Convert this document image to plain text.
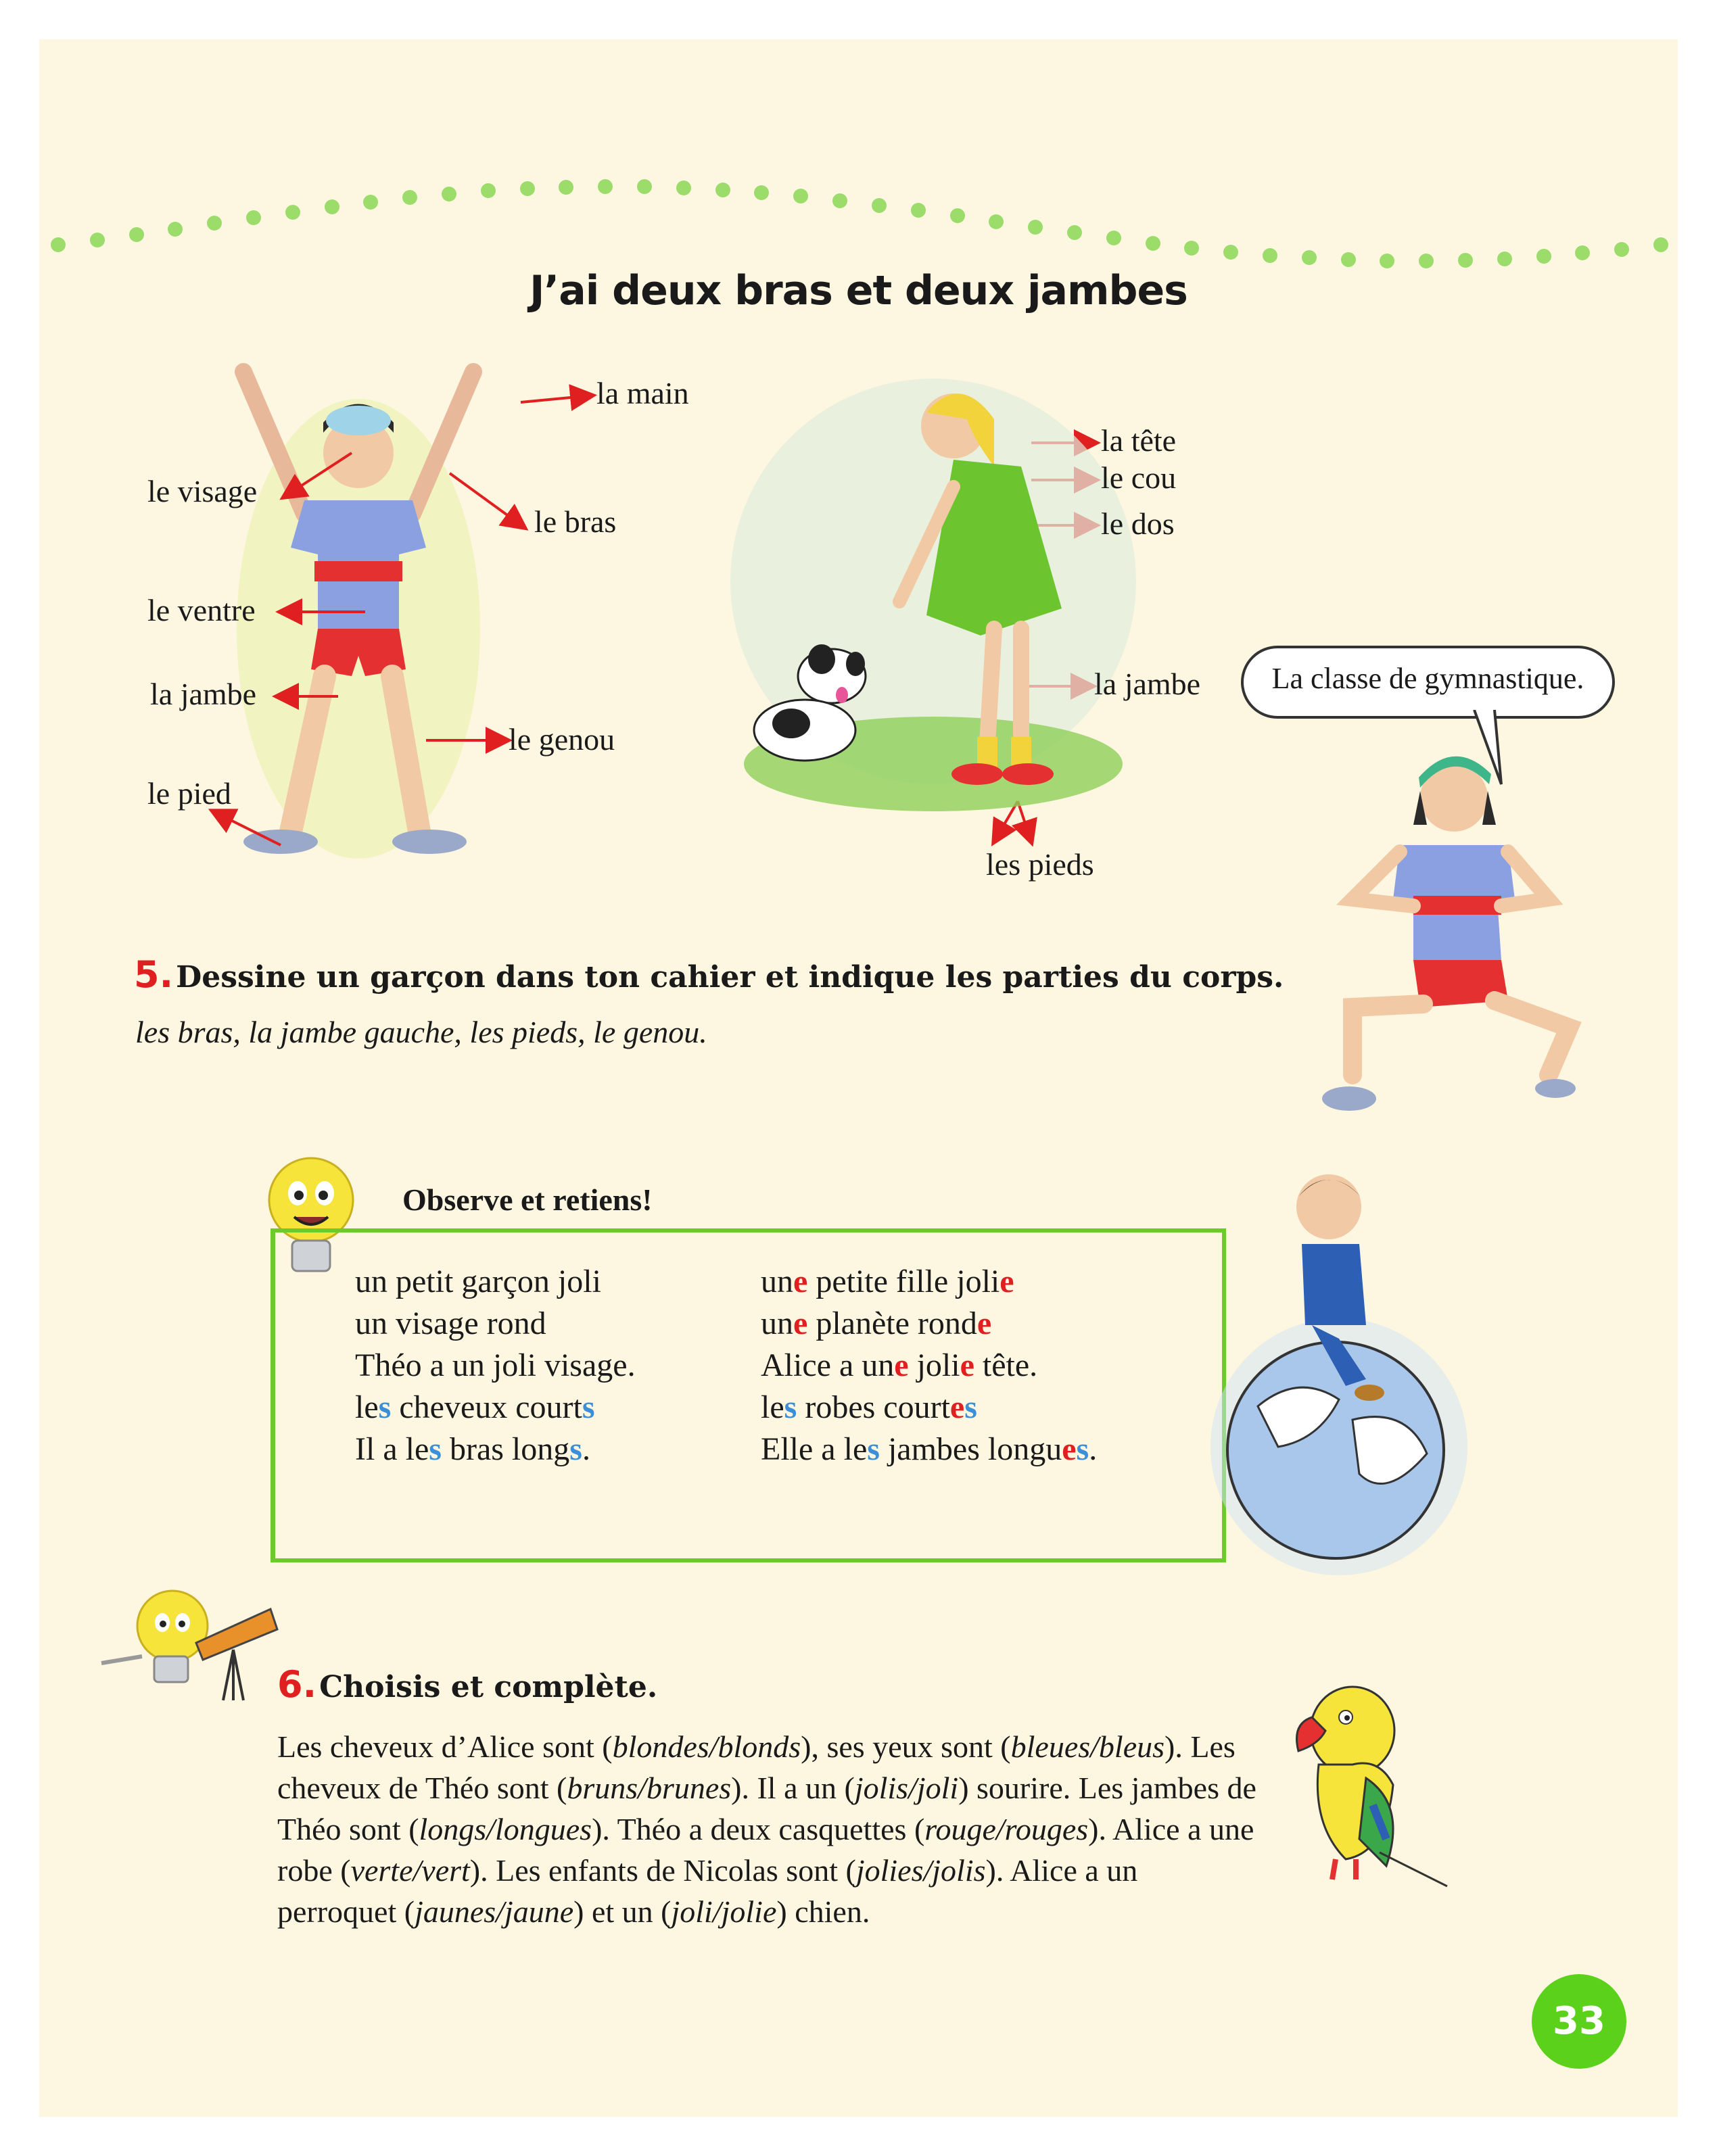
J’ai deux bras et deux jambes
la main
le visage
le bras
le ventre
la jambe
le genou
le pied
la tête
le cou
le dos
la jambe
les pieds
La classe de gymnastique.
5. Dessine un garçon dans ton cahier et indique les parties du corps.
les bras, la jambe gauche, les pieds, le genou.
Observe et retiens!
un petit garçon joli
un visage rond
Théo a un joli visage.
les cheveux courts
Il a les bras longs.
une petite fille jolie
une planète ronde
Alice a une jolie tête.
les robes courtes
Elle a les jambes longues.
6. Choisis et complète.
Les cheveux d’Alice sont (blondes/blonds), ses yeux sont (bleues/bleus). Les cheveux de Théo sont (bruns/brunes). Il a un (jolis/joli) sourire. Les jambes de Théo sont (longs/longues). Théo a deux casquettes (rouge/rouges). Alice a une robe (verte/vert). Les enfants de Nicolas sont (jolies/jolis). Alice a un perroquet (jaunes/jaune) et un (joli/jolie) chien.
33
